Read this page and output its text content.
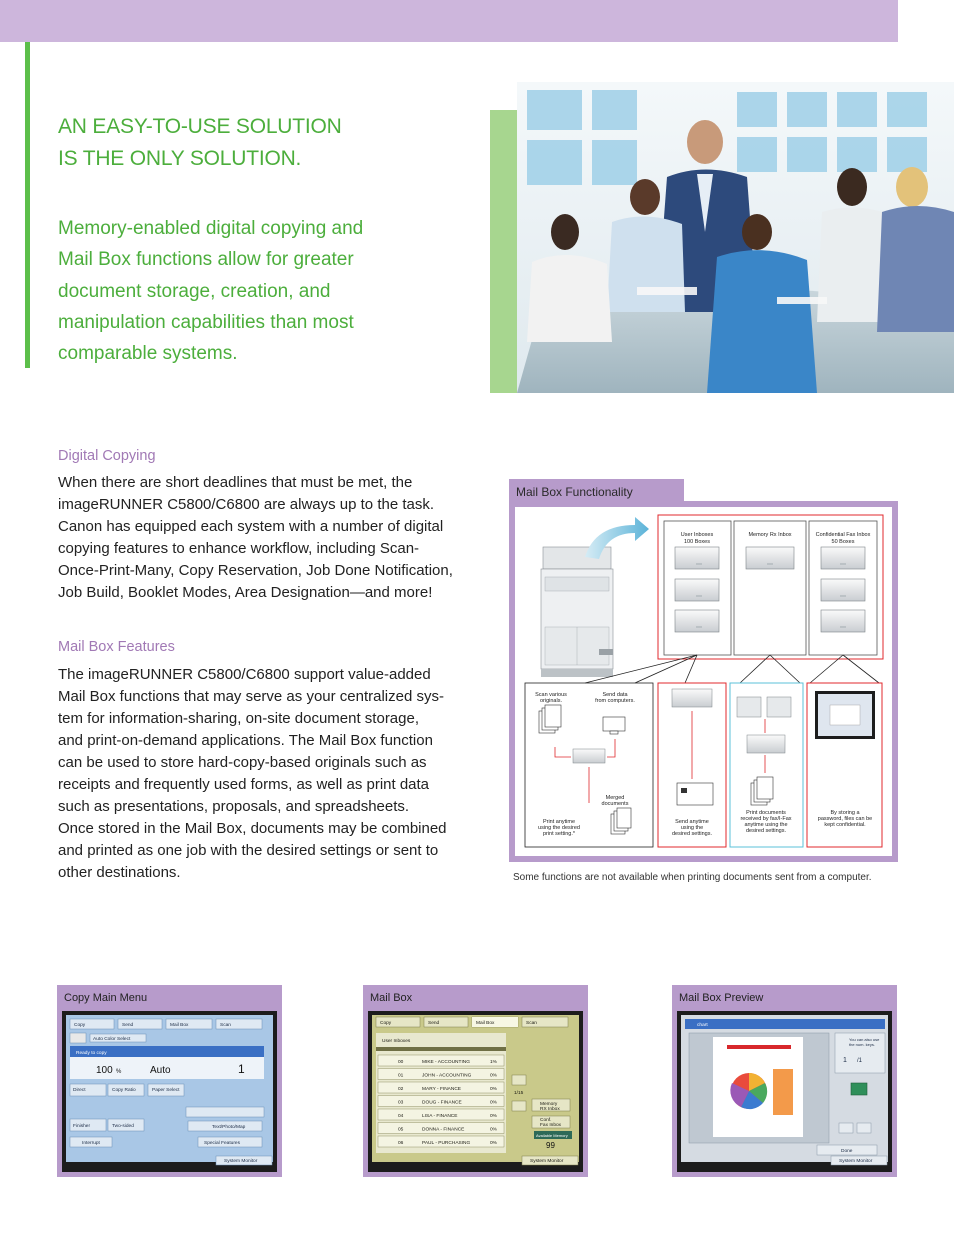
AN EASY-TO-USE SOLUTION
IS THE ONLY SOLUTION.
Memory-enabled digital copying and
Mail Box functions allow for greater
document storage, creation, and
manipulation capabilities than most
comparable systems.
Digital Copying
When there are short deadlines that must be met, the
imageRUNNER C5800/C6800 are always up to the task.
Canon has equipped each system with a number of digital
copying features to enhance workflow, including Scan-
Once-Print-Many, Copy Reservation, Job Done Notification,
Job Build, Booklet Modes, Area Designation—and more!
Mail Box Features
The imageRUNNER C5800/C6800 support value-added
Mail Box functions that may serve as your centralized sys-
tem for information-sharing, on-site document storage,
and print-on-demand applications. The Mail Box function
can be used to store hard-copy-based originals such as
receipts and frequently used forms, as well as print data
such as presentations, proposals, and spreadsheets.
Once stored in the Mail Box, documents may be combined
and printed as one job with the desired settings or sent to
other destinations.
Mail Box Functionality
User Inboxes
100 Boxes
Memory Rx Inbox	Confidential Fax Inbox
50 Boxes
Scan various
originals.
Send data
from computers.
Merged
documents
Print anytime
using the desired
print setting.*
Send anytime
using the
desired settings.
Print documents
received by fax/I-Fax
anytime using the
desired settings.
By storing a
password, files can be
kept confidential.
Some functions are not available when printing documents sent from a computer.
Copy Main Menu
Copy	Send	Mail Box	Scan
Auto Color Select
Direct	Copy Ratio	Paper Select
Finisher	Two-sided
Interrupt	Special Features
Text/Photo/Map
System Monitor
Ready to copy
100 %	Auto	1
Mail Box
Copy	Send	Mail Box	Scan
User Inboxes
1/15
Memory
RX Inbox
Conf.
Fax Inbox
System Monitor
Available Memory
99
00	MIKE - ACCOUNTING	1%
01	JOHN - ACCOUNTING	0%
02	MARY - FINANCE	0%
03	DOUG - FINANCE	0%
04	LISA - FINANCE	0%
05	DONNA - FINANCE	0%
06	PAUL - PURCHASING	0%
Mail Box Preview
You can also use
the num. keys.
1 /1
Done
System Monitor
chart
